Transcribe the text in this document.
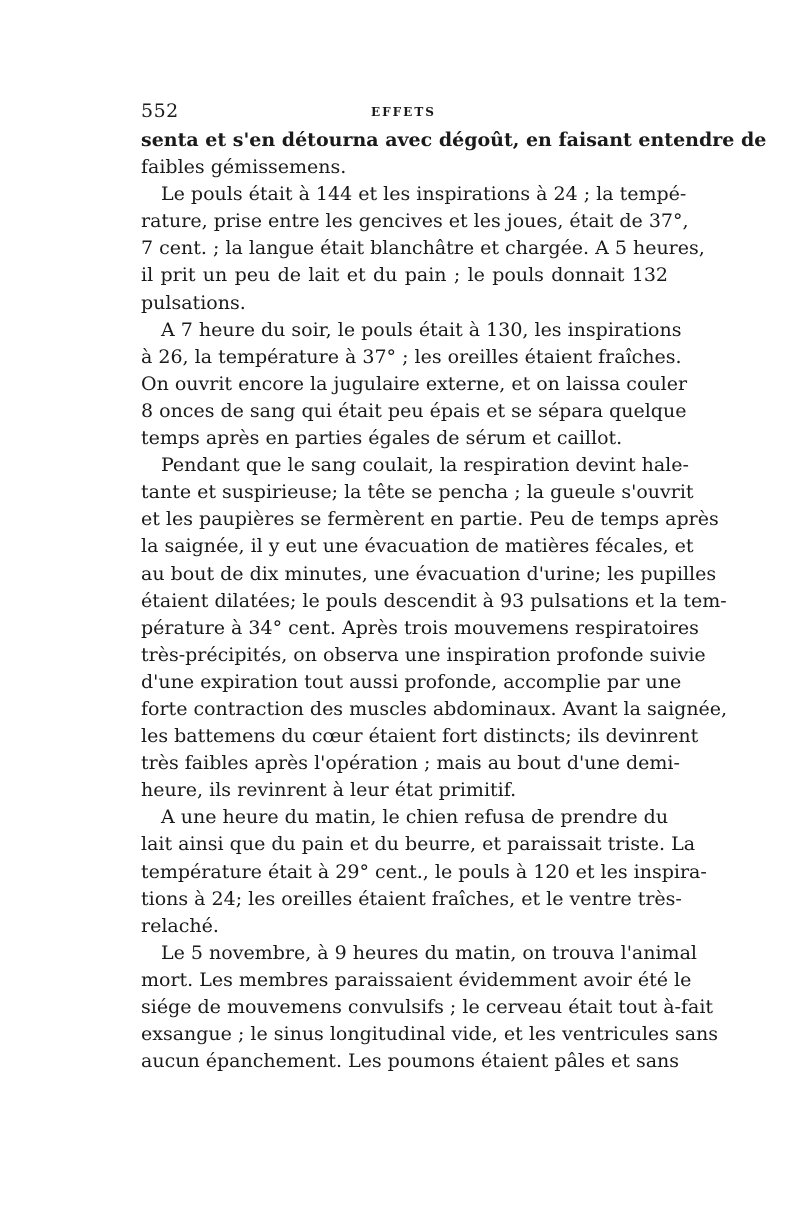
552	EFFETS
senta et s'en détourna avec dégoût, en faisant entendre de
faibles gémissemens.
Le pouls était à 144 et les inspirations à 24 ; la tempé-
rature, prise entre les gencives et les joues, était de 37°,
7 cent. ; la langue était blanchâtre et chargée. A 5 heures,
il prit un peu de lait et du pain ; le pouls donnait 132
pulsations.
A 7 heure du soir, le pouls était à 130, les inspirations
à 26, la température à 37° ; les oreilles étaient fraîches.
On ouvrit encore la jugulaire externe, et on laissa couler
8 onces de sang qui était peu épais et se sépara quelque
temps après en parties égales de sérum et caillot.
Pendant que le sang coulait, la respiration devint hale-
tante et suspirieuse; la tête se pencha ; la gueule s'ouvrit
et les paupières se fermèrent en partie. Peu de temps après
la saignée, il y eut une évacuation de matières fécales, et
au bout de dix minutes, une évacuation d'urine; les pupilles
étaient dilatées; le pouls descendit à 93 pulsations et la tem-
pérature à 34° cent. Après trois mouvemens respiratoires
très-précipités, on observa une inspiration profonde suivie
d'une expiration tout aussi profonde, accomplie par une
forte contraction des muscles abdominaux. Avant la saignée,
les battemens du cœur étaient fort distincts; ils devinrent
très faibles après l'opération ; mais au bout d'une demi-
heure, ils revinrent à leur état primitif.
A une heure du matin, le chien refusa de prendre du
lait ainsi que du pain et du beurre, et paraissait triste. La
température était à 29° cent., le pouls à 120 et les inspira-
tions à 24; les oreilles étaient fraîches, et le ventre très-
relaché.
Le 5 novembre, à 9 heures du matin, on trouva l'animal
mort. Les membres paraissaient évidemment avoir été le
siége de mouvemens convulsifs ; le cerveau était tout à-fait
exsangue ; le sinus longitudinal vide, et les ventricules sans
aucun épanchement. Les poumons étaient pâles et sans
